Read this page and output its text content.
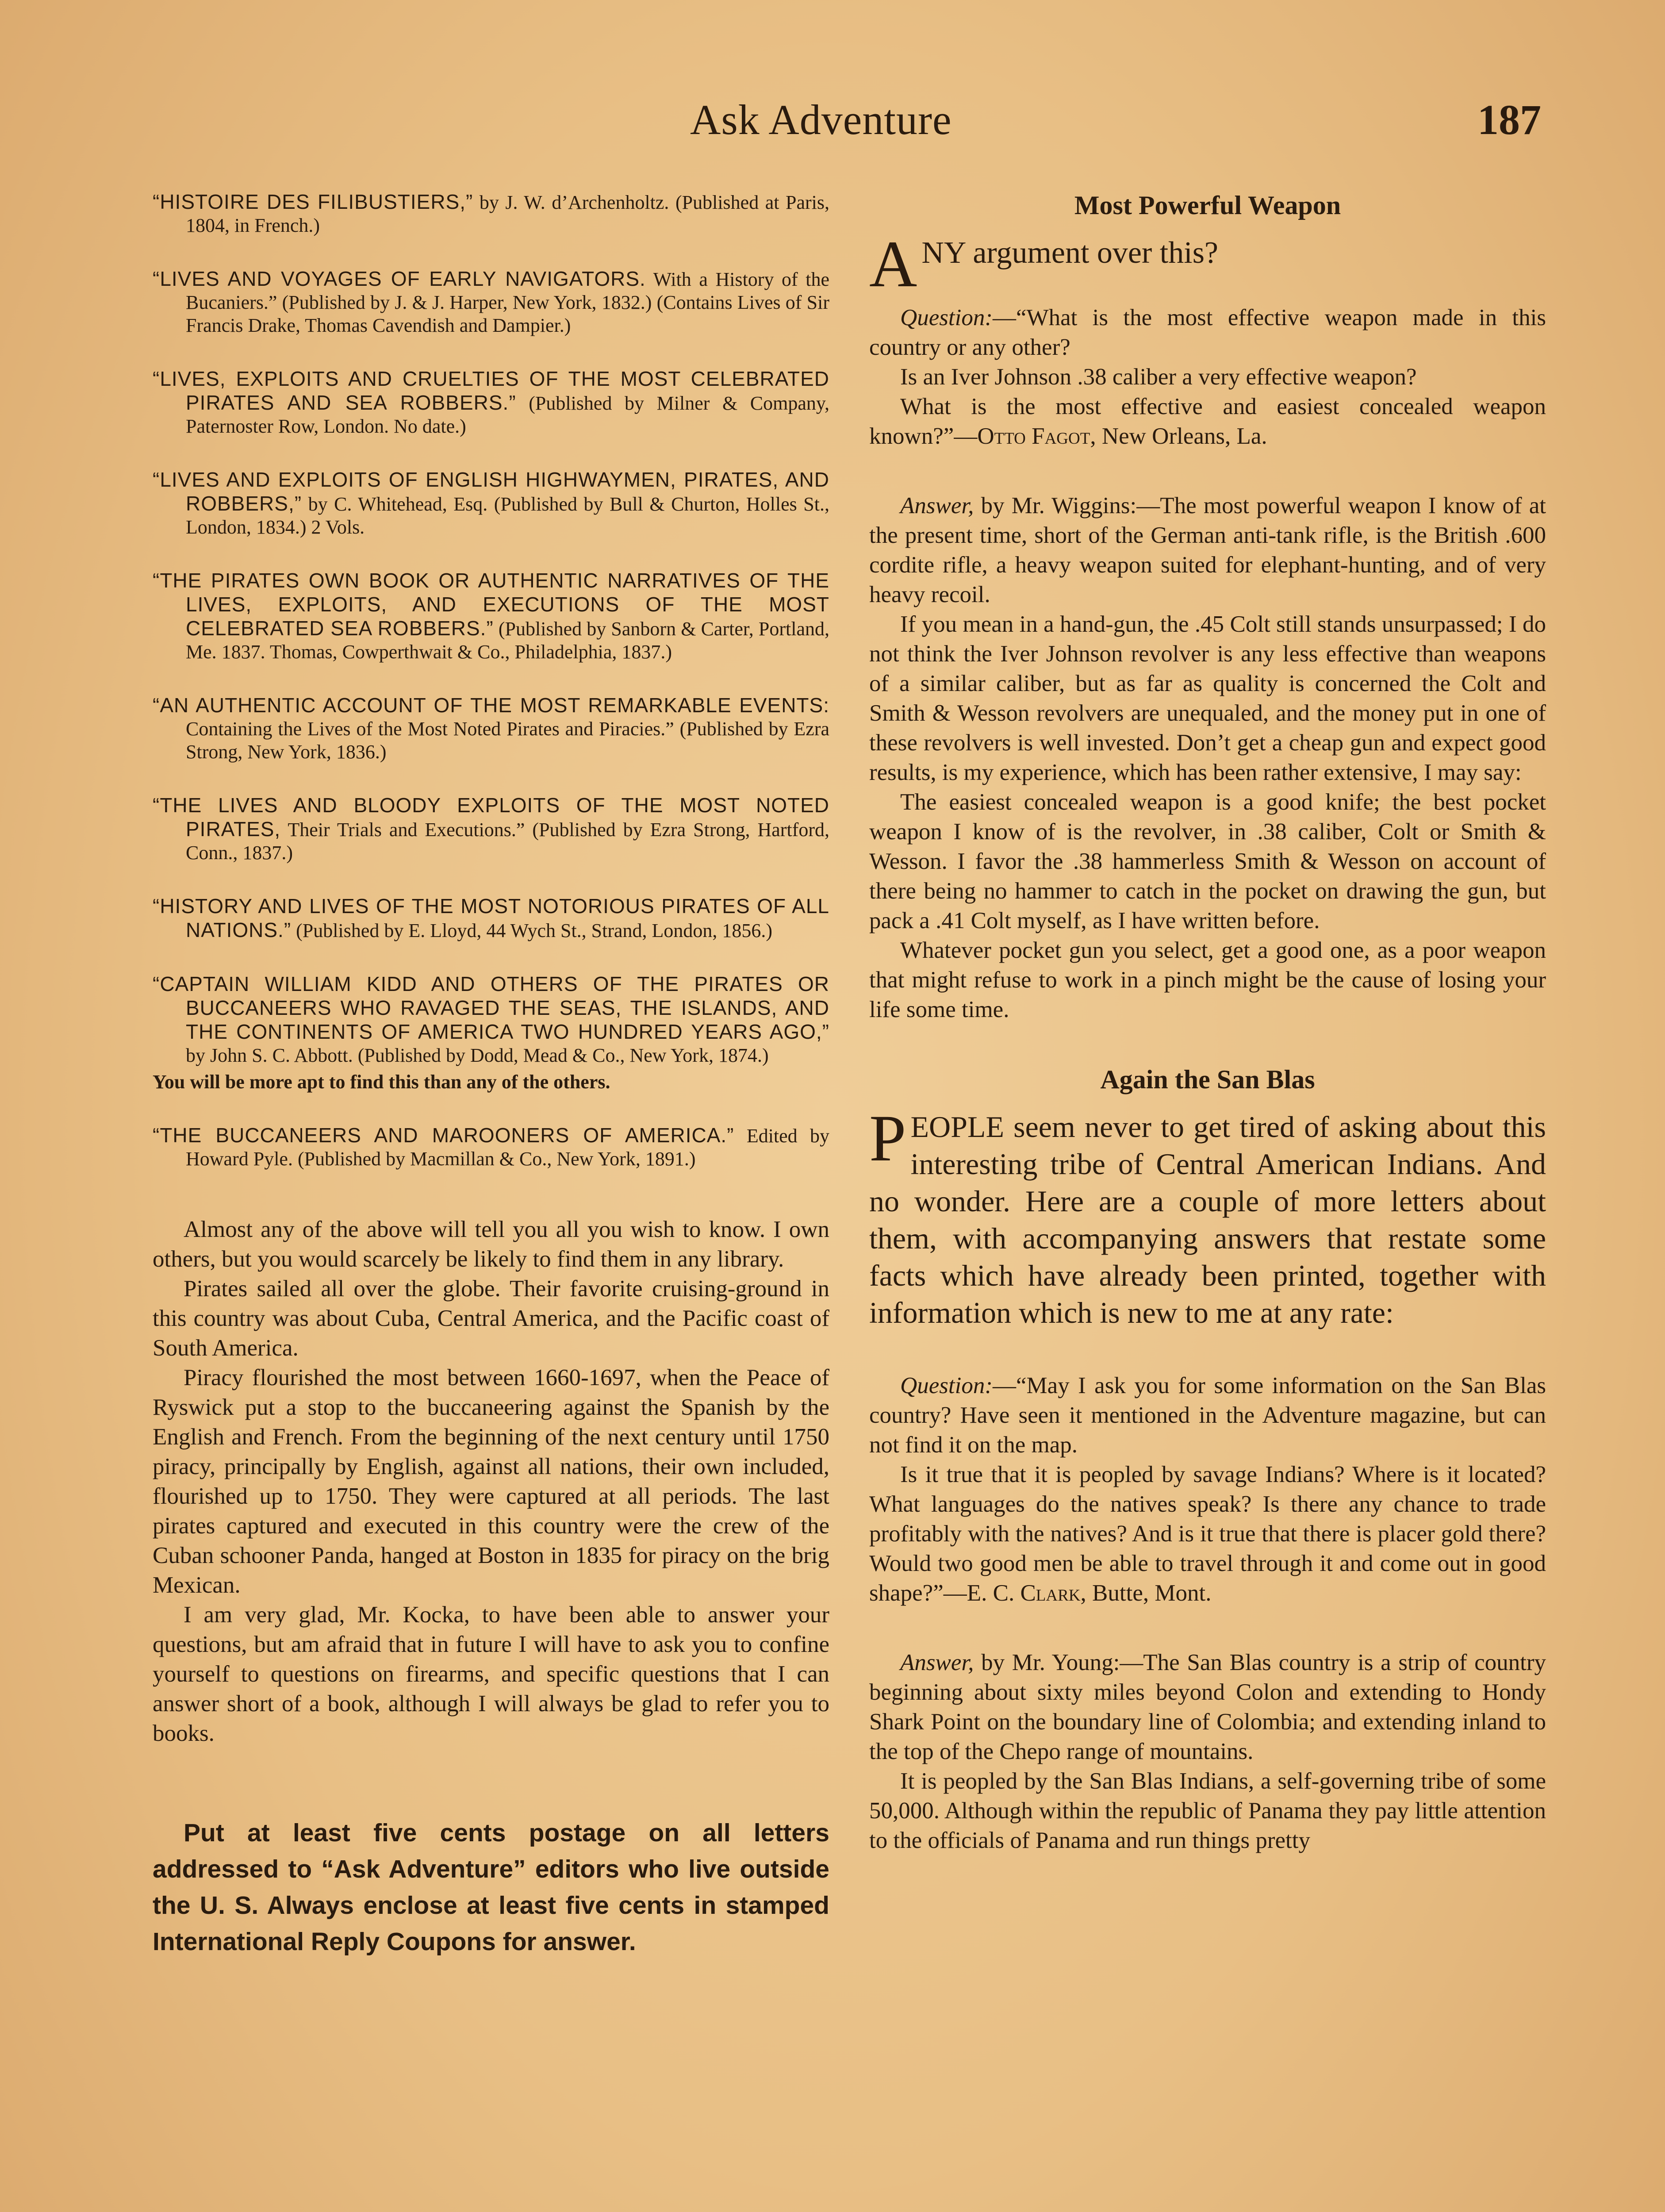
Ask Adventure	187

“HISTOIRE DES FILIBUSTIERS,” by J. W. d’Archenholtz. (Published at Paris, 1804, in French.)

“LIVES AND VOYAGES OF EARLY NAVIGATORS. With a History of the Bucaniers.” (Published by J. & J. Harper, New York, 1832.) (Contains Lives of Sir Francis Drake, Thomas Cavendish and Dampier.)

“LIVES, EXPLOITS AND CRUELTIES OF THE MOST CELEBRATED PIRATES AND SEA ROBBERS.” (Published by Milner & Company, Paternoster Row, London. No date.)

“LIVES AND EXPLOITS OF ENGLISH HIGHWAYMEN, PIRATES, AND ROBBERS,” by C. Whitehead, Esq. (Published by Bull & Churton, Holles St., London, 1834.) 2 Vols.

“THE PIRATES OWN BOOK OR AUTHENTIC NARRATIVES OF THE LIVES, EXPLOITS, AND EXECUTIONS OF THE MOST CELEBRATED SEA ROBBERS.” (Published by Sanborn & Carter, Portland, Me. 1837. Thomas, Cowperthwait & Co., Philadelphia, 1837.)

“AN AUTHENTIC ACCOUNT OF THE MOST REMARKABLE EVENTS: Containing the Lives of the Most Noted Pirates and Piracies.” (Published by Ezra Strong, New York, 1836.)

“THE LIVES AND BLOODY EXPLOITS OF THE MOST NOTED PIRATES, Their Trials and Executions.” (Published by Ezra Strong, Hartford, Conn., 1837.)

“HISTORY AND LIVES OF THE MOST NOTORIOUS PIRATES OF ALL NATIONS.” (Published by E. Lloyd, 44 Wych St., Strand, London, 1856.)

“CAPTAIN WILLIAM KIDD AND OTHERS OF THE PIRATES OR BUCCANEERS WHO RAVAGED THE SEAS, THE ISLANDS, AND THE CONTINENTS OF AMERICA TWO HUNDRED YEARS AGO,” by John S. C. Abbott. (Published by Dodd, Mead & Co., New York, 1874.)

You will be more apt to find this than any of the others.

“THE BUCCANEERS AND MAROONERS OF AMERICA.” Edited by Howard Pyle. (Published by Macmillan & Co., New York, 1891.)

Almost any of the above will tell you all you wish to know. I own others, but you would scarcely be likely to find them in any library.

Pirates sailed all over the globe. Their favorite cruising-ground in this country was about Cuba, Central America, and the Pacific coast of South America.

Piracy flourished the most between 1660-1697, when the Peace of Ryswick put a stop to the buccaneering against the Spanish by the English and French. From the beginning of the next century until 1750 piracy, principally by English, against all nations, their own included, flourished up to 1750. They were captured at all periods. The last pirates captured and executed in this country were the crew of the Cuban schooner Panda, hanged at Boston in 1835 for piracy on the brig Mexican.

I am very glad, Mr. Kocka, to have been able to answer your questions, but am afraid that in future I will have to ask you to confine yourself to questions on firearms, and specific questions that I can answer short of a book, although I will always be glad to refer you to books.

Put at least five cents postage on all letters addressed to “Ask Adventure” editors who live outside the U. S. Always enclose at least five cents in stamped International Reply Coupons for answer.

Most Powerful Weapon

ANY argument over this?

Question:—“What is the most effective weapon made in this country or any other?

Is an Iver Johnson .38 caliber a very effective weapon?

What is the most effective and easiest concealed weapon known?”—Otto Fagot, New Orleans, La.

Answer, by Mr. Wiggins:—The most powerful weapon I know of at the present time, short of the German anti-tank rifle, is the British .600 cordite rifle, a heavy weapon suited for elephant-hunting, and of very heavy recoil.

If you mean in a hand-gun, the .45 Colt still stands unsurpassed; I do not think the Iver Johnson revolver is any less effective than weapons of a similar caliber, but as far as quality is concerned the Colt and Smith & Wesson revolvers are unequaled, and the money put in one of these revolvers is well invested. Don’t get a cheap gun and expect good results, is my experience, which has been rather extensive, I may say:

The easiest concealed weapon is a good knife; the best pocket weapon I know of is the revolver, in .38 caliber, Colt or Smith & Wesson. I favor the .38 hammerless Smith & Wesson on account of there being no hammer to catch in the pocket on drawing the gun, but pack a .41 Colt myself, as I have written before.

Whatever pocket gun you select, get a good one, as a poor weapon that might refuse to work in a pinch might be the cause of losing your life some time.

Again the San Blas

PEOPLE seem never to get tired of asking about this interesting tribe of Central American Indians. And no wonder. Here are a couple of more letters about them, with accompanying answers that restate some facts which have already been printed, together with information which is new to me at any rate:

Question:—“May I ask you for some information on the San Blas country? Have seen it mentioned in the Adventure magazine, but can not find it on the map.

Is it true that it is peopled by savage Indians? Where is it located? What languages do the natives speak? Is there any chance to trade profitably with the natives? And is it true that there is placer gold there? Would two good men be able to travel through it and come out in good shape?”—E. C. Clark, Butte, Mont.

Answer, by Mr. Young:—The San Blas country is a strip of country beginning about sixty miles beyond Colon and extending to Hondy Shark Point on the boundary line of Colombia; and extending inland to the top of the Chepo range of mountains.

It is peopled by the San Blas Indians, a self-governing tribe of some 50,000. Although within the republic of Panama they pay little attention to the officials of Panama and run things pretty
